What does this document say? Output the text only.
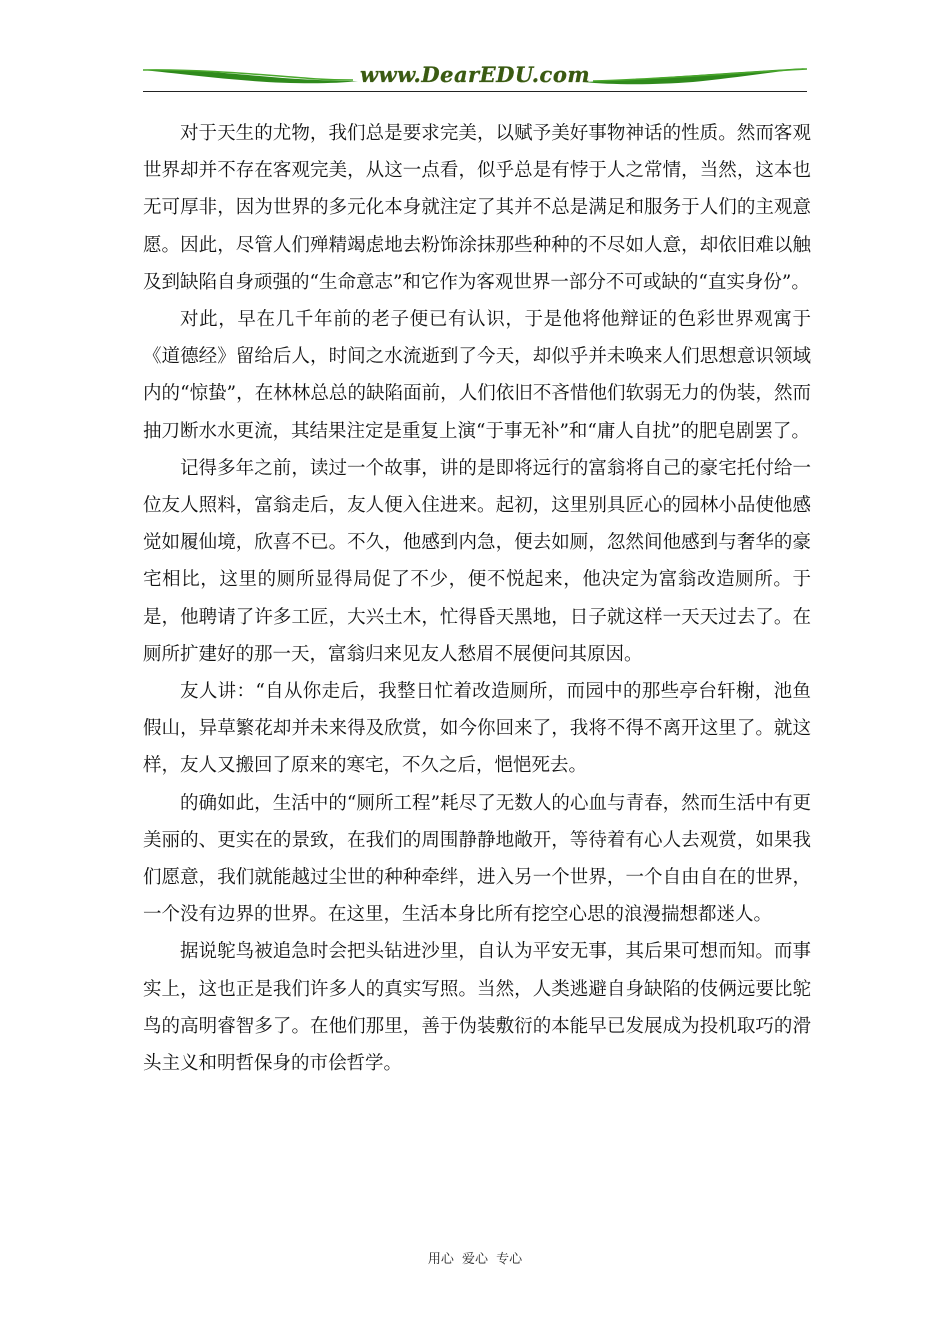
www.DearEDU.com

对于天生的尤物，我们总是要求完美，以赋予美好事物神话的性质。然而客观世界却并不存在客观完美，从这一点看，似乎总是有悖于人之常情，当然，这本也无可厚非，因为世界的多元化本身就注定了其并不总是满足和服务于人们的主观意愿。因此，尽管人们殚精竭虑地去粉饰涂抹那些种种的不尽如人意，却依旧难以触及到缺陷自身顽强的“生命意志”和它作为客观世界一部分不可或缺的“直实身份”。

对此，早在几千年前的老子便已有认识，于是他将他辩证的色彩世界观寓于《道德经》留给后人，时间之水流逝到了今天，却似乎并未唤来人们思想意识领域内的“惊蛰”，在林林总总的缺陷面前，人们依旧不吝惜他们软弱无力的伪装，然而抽刀断水水更流，其结果注定是重复上演“于事无补”和“庸人自扰”的肥皂剧罢了。

记得多年之前，读过一个故事，讲的是即将远行的富翁将自己的豪宅托付给一位友人照料，富翁走后，友人便入住进来。起初，这里别具匠心的园林小品使他感觉如履仙境，欣喜不已。不久，他感到内急，便去如厕，忽然间他感到与奢华的豪宅相比，这里的厕所显得局促了不少，便不悦起来，他决定为富翁改造厕所。于是，他聘请了许多工匠，大兴土木，忙得昏天黑地，日子就这样一天天过去了。在厕所扩建好的那一天，富翁归来见友人愁眉不展便问其原因。

友人讲：“自从你走后，我整日忙着改造厕所，而园中的那些亭台轩榭，池鱼假山，异草繁花却并未来得及欣赏，如今你回来了，我将不得不离开这里了。就这样，友人又搬回了原来的寒宅，不久之后，悒悒死去。

的确如此，生活中的“厕所工程”耗尽了无数人的心血与青春，然而生活中有更美丽的、更实在的景致，在我们的周围静静地敞开，等待着有心人去观赏，如果我们愿意，我们就能越过尘世的种种牵绊，进入另一个世界，一个自由自在的世界，一个没有边界的世界。在这里，生活本身比所有挖空心思的浪漫揣想都迷人。

据说鸵鸟被追急时会把头钻进沙里，自认为平安无事，其后果可想而知。而事实上，这也正是我们许多人的真实写照。当然，人类逃避自身缺陷的伎俩远要比鸵鸟的高明睿智多了。在他们那里，善于伪装敷衍的本能早已发展成为投机取巧的滑头主义和明哲保身的市侩哲学。

用心 爱心 专心
